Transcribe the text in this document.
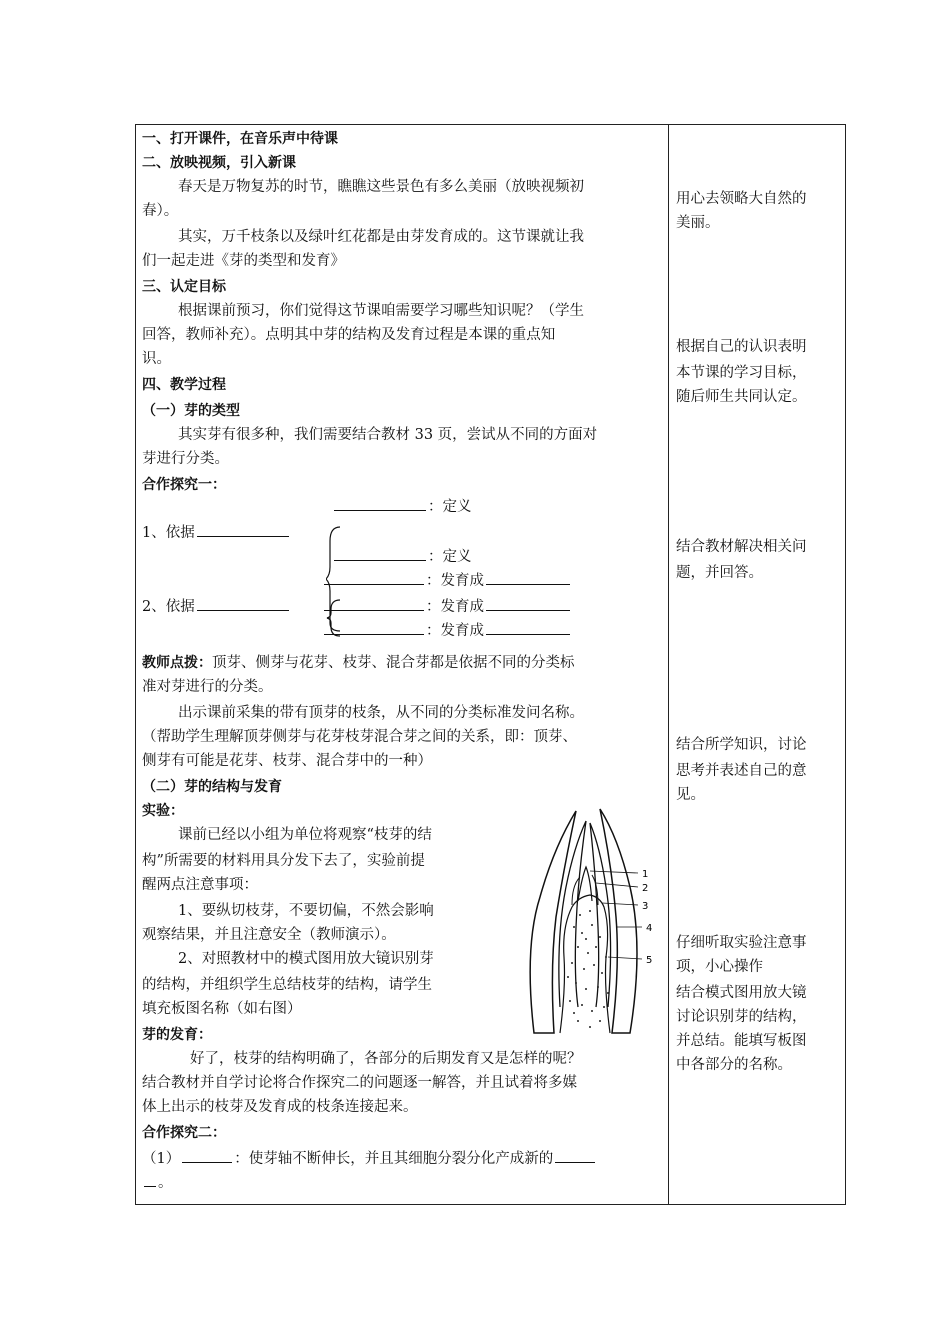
一、打开课件，在音乐声中待课
二、放映视频，引入新课
春天是万物复苏的时节，瞧瞧这些景色有多么美丽（放映视频初
春）。
其实，万千枝条以及绿叶红花都是由芽发育成的。这节课就让我
们一起走进《芽的类型和发育》
三、认定目标
根据课前预习，你们觉得这节课咱需要学习哪些知识呢？（学生
回答，教师补充）。点明其中芽的结构及发育过程是本课的重点知
识。
四、教学过程
（一）芽的类型
其实芽有很多种，我们需要结合教材 33 页，尝试从不同的方面对
芽进行分类。
合作探究一：
：定义
1、依据
：定义
：发育成
2、依据	：发育成
：发育成
教师点拨：顶芽、侧芽与花芽、枝芽、混合芽都是依据不同的分类标
准对芽进行的分类。
出示课前采集的带有顶芽的枝条，从不同的分类标准发问名称。
（帮助学生理解顶芽侧芽与花芽枝芽混合芽之间的关系，即：顶芽、
侧芽有可能是花芽、枝芽、混合芽中的一种）
（二）芽的结构与发育
实验：
课前已经以小组为单位将观察“枝芽的结
构”所需要的材料用具分发下去了，实验前提
醒两点注意事项：
1、要纵切枝芽，不要切偏，不然会影响
观察结果，并且注意安全（教师演示）。
2、对照教材中的模式图用放大镜识别芽
的结构，并组织学生总结枝芽的结构，请学生
填充板图名称（如右图）
1
2
3
4
5
芽的发育：
好了，枝芽的结构明确了，各部分的后期发育又是怎样的呢？
结合教材并自学讨论将合作探究二的问题逐一解答，并且试着将多媒
体上出示的枝芽及发育成的枝条连接起来。
合作探究二：
（1）	：使芽轴不断伸长，并且其细胞分裂分化产成新的
。
用心去领略大自然的
美丽。
根据自己的认识表明
本节课的学习目标，
随后师生共同认定。
结合教材解决相关问
题，并回答。
结合所学知识，讨论
思考并表述自己的意
见。
仔细听取实验注意事
项，小心操作
结合模式图用放大镜
讨论识别芽的结构，
并总结。能填写板图
中各部分的名称。
